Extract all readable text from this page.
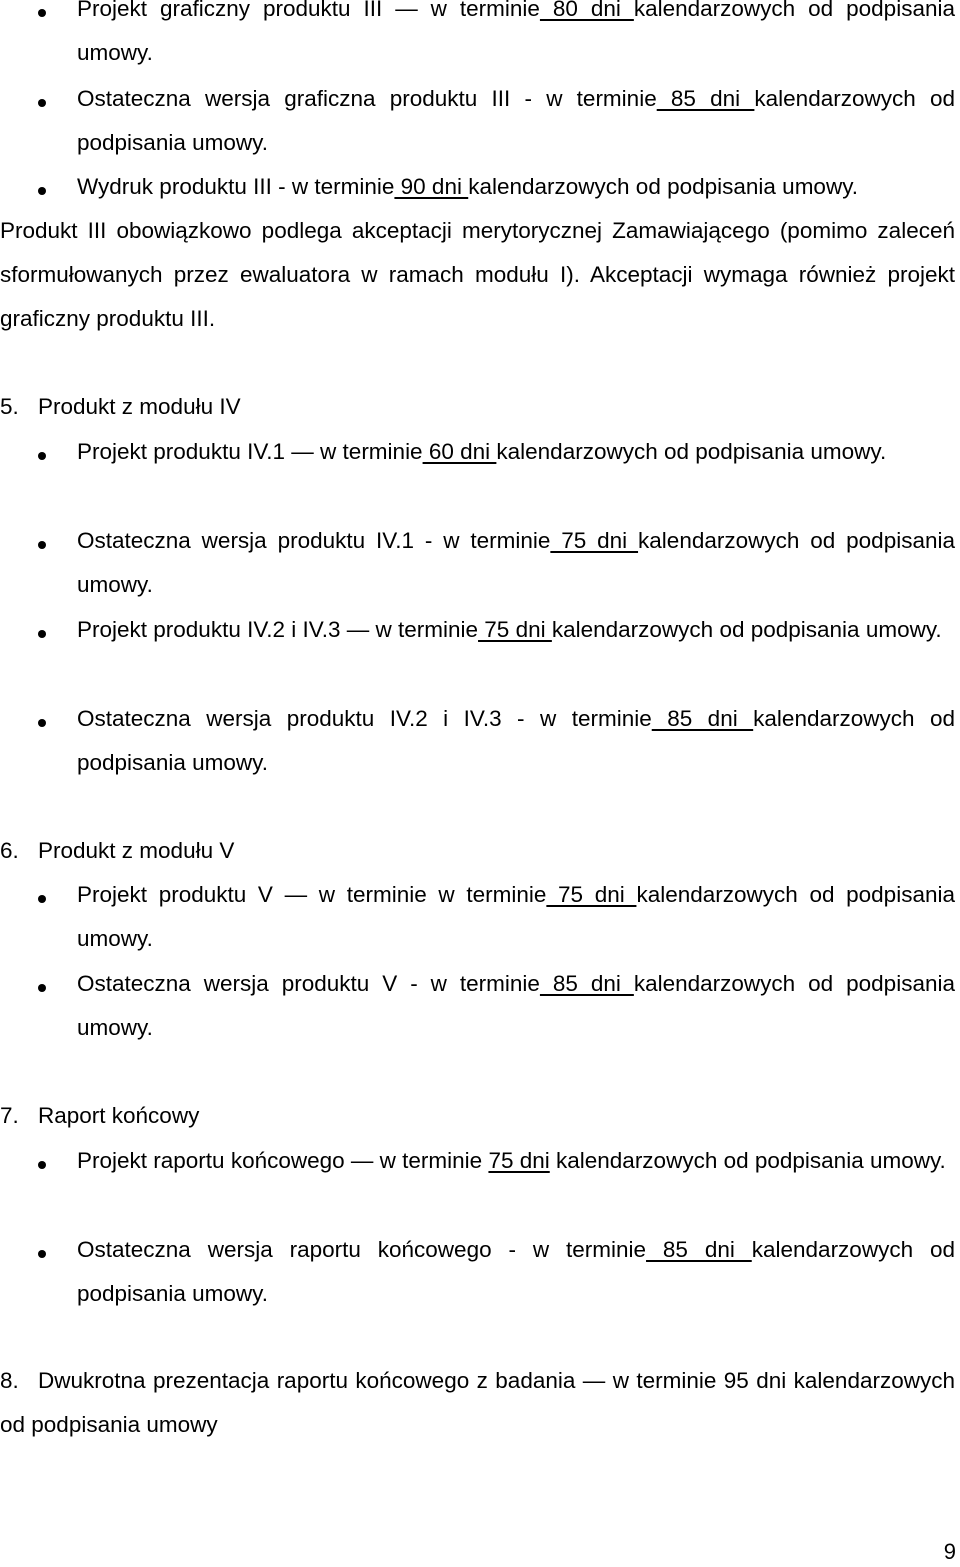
Projekt graficzny produktu III — w terminie 80 dni kalendarzowych od podpisania umowy.
Ostateczna wersja graficzna produktu III - w terminie 85 dni kalendarzowych od podpisania umowy.
Wydruk produktu III - w terminie 90 dni kalendarzowych od podpisania umowy.
Produkt III obowiązkowo podlega akceptacji merytorycznej Zamawiającego (pomimo zaleceń sformułowanych przez ewaluatora w ramach modułu I). Akceptacji wymaga również projekt graficzny produktu III.
5. Produkt z modułu IV
Projekt produktu IV.1 — w terminie 60 dni kalendarzowych od podpisania umowy.
Ostateczna wersja produktu IV.1 - w terminie 75 dni kalendarzowych od podpisania umowy.
Projekt produktu IV.2 i IV.3 — w terminie 75 dni kalendarzowych od podpisania umowy.
Ostateczna wersja produktu IV.2 i IV.3 - w terminie 85 dni kalendarzowych od podpisania umowy.
6. Produkt z modułu V
Projekt produktu V — w terminie w terminie 75 dni kalendarzowych od podpisania umowy.
Ostateczna wersja produktu V - w terminie 85 dni kalendarzowych od podpisania umowy.
7. Raport końcowy
Projekt raportu końcowego — w terminie 75 dni kalendarzowych od podpisania umowy.
Ostateczna wersja raportu końcowego - w terminie 85 dni kalendarzowych od podpisania umowy.
8. Dwukrotna prezentacja raportu końcowego z badania — w terminie 95 dni kalendarzowych od podpisania umowy
9
